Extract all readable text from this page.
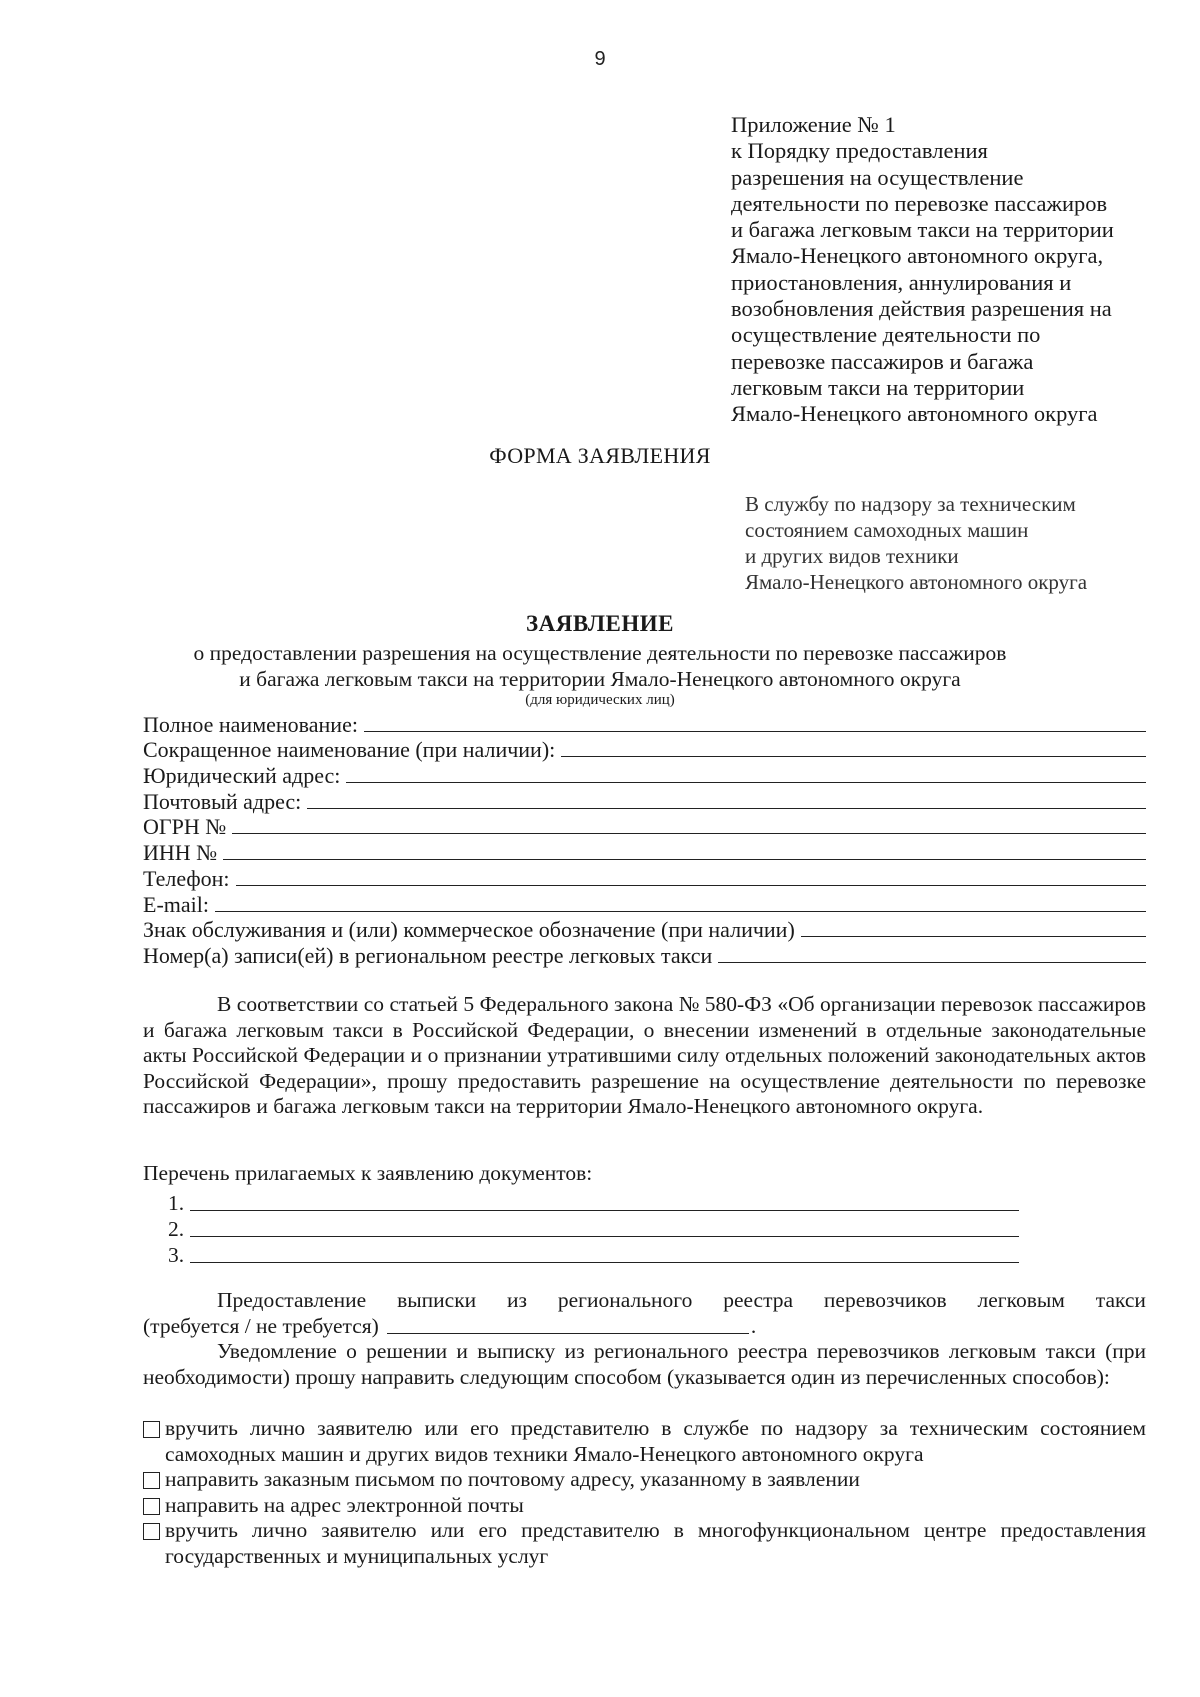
9
Приложение № 1
к Порядку предоставления
разрешения на осуществление
деятельности по перевозке пассажиров
и багажа легковым такси на территории
Ямало-Ненецкого автономного округа,
приостановления, аннулирования и
возобновления действия разрешения на
осуществление деятельности по
перевозке пассажиров и багажа
легковым такси на территории
Ямало-Ненецкого автономного округа
ФОРМА ЗАЯВЛЕНИЯ
В службу по надзору за техническим
состоянием самоходных машин
и других видов техники
Ямало-Ненецкого автономного округа
ЗАЯВЛЕНИЕ
о предоставлении разрешения на осуществление деятельности по перевозке пассажиров
и багажа легковым такси на территории Ямало-Ненецкого автономного округа
(для юридических лиц)
Полное наименование:
Сокращенное наименование (при наличии):
Юридический адрес:
Почтовый адрес:
ОГРН №
ИНН №
Телефон:
E-mail:
Знак обслуживания и (или) коммерческое обозначение (при наличии)
Номер(а) записи(ей) в региональном реестре легковых такси
В соответствии со статьей 5 Федерального закона № 580-ФЗ «Об организации перевозок пассажиров и багажа легковым такси в Российской Федерации, о внесении изменений в отдельные законодательные акты Российской Федерации и о признании утратившими силу отдельных положений законодательных актов Российской Федерации», прошу предоставить разрешение на осуществление деятельности по перевозке пассажиров и багажа легковым такси на территории Ямало-Ненецкого автономного округа.
Перечень прилагаемых к заявлению документов:
1.
2.
3.
Предоставление выписки из регионального реестра перевозчиков легковым такси
(требуется / не требуется)	.
Уведомление о решении и выписку из регионального реестра перевозчиков легковым такси (при необходимости) прошу направить следующим способом (указывается один из перечисленных способов):
вручить лично заявителю или его представителю в службе по надзору за техническим состоянием самоходных машин и других видов техники Ямало-Ненецкого автономного округа
направить заказным письмом по почтовому адресу, указанному в заявлении
направить на адрес электронной почты
вручить лично заявителю или его представителю в многофункциональном центре предоставления государственных и муниципальных услуг
